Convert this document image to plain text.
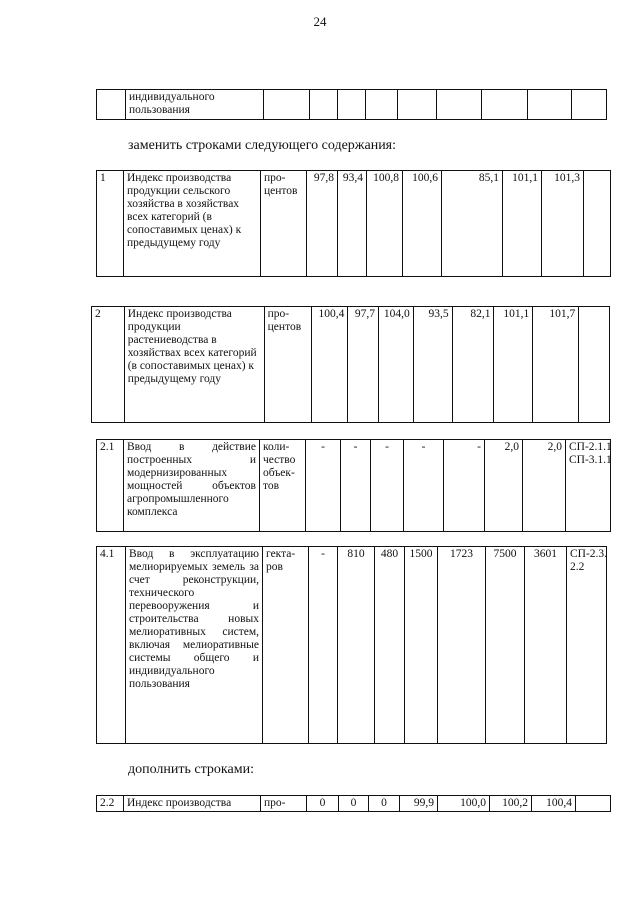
24
	индивидуального пользования									
заменить строками следующего содержания:
1	Индекс производства продукции сельского хозяйства в хозяйствах всех категорий (в сопоставимых ценах) к предыдущему году	про-центов	97,8	93,4	100,8	100,6	85,1	101,1	101,3	
2	Индекс производства продукции растениеводства в хозяйствах всех категорий (в сопоставимых ценах) к предыдущему году	про-центов	100,4	97,7	104,0	93,5	82,1	101,1	101,7	
2.1	Ввод в действие построенных и модернизированных мощностей объектов агропромышленного комплекса	коли-чество объек-тов	-	-	-	-	-	2,0	2,0	СП-2.1.1 СП-3.1.1
4.1	Ввод в эксплуатацию мелиорируемых земель за счет реконструкции, технического перевооружения и строительства новых мелиоративных систем, включая мелиоративные системы общего и индивидуального пользования	гекта-ров	-	810	480	1500	1723	7500	3601	СП-2.3. 2.2
дополнить строками:
2.2	Индекс производства	про-	0	0	0	99,9	100,0	100,2	100,4	
